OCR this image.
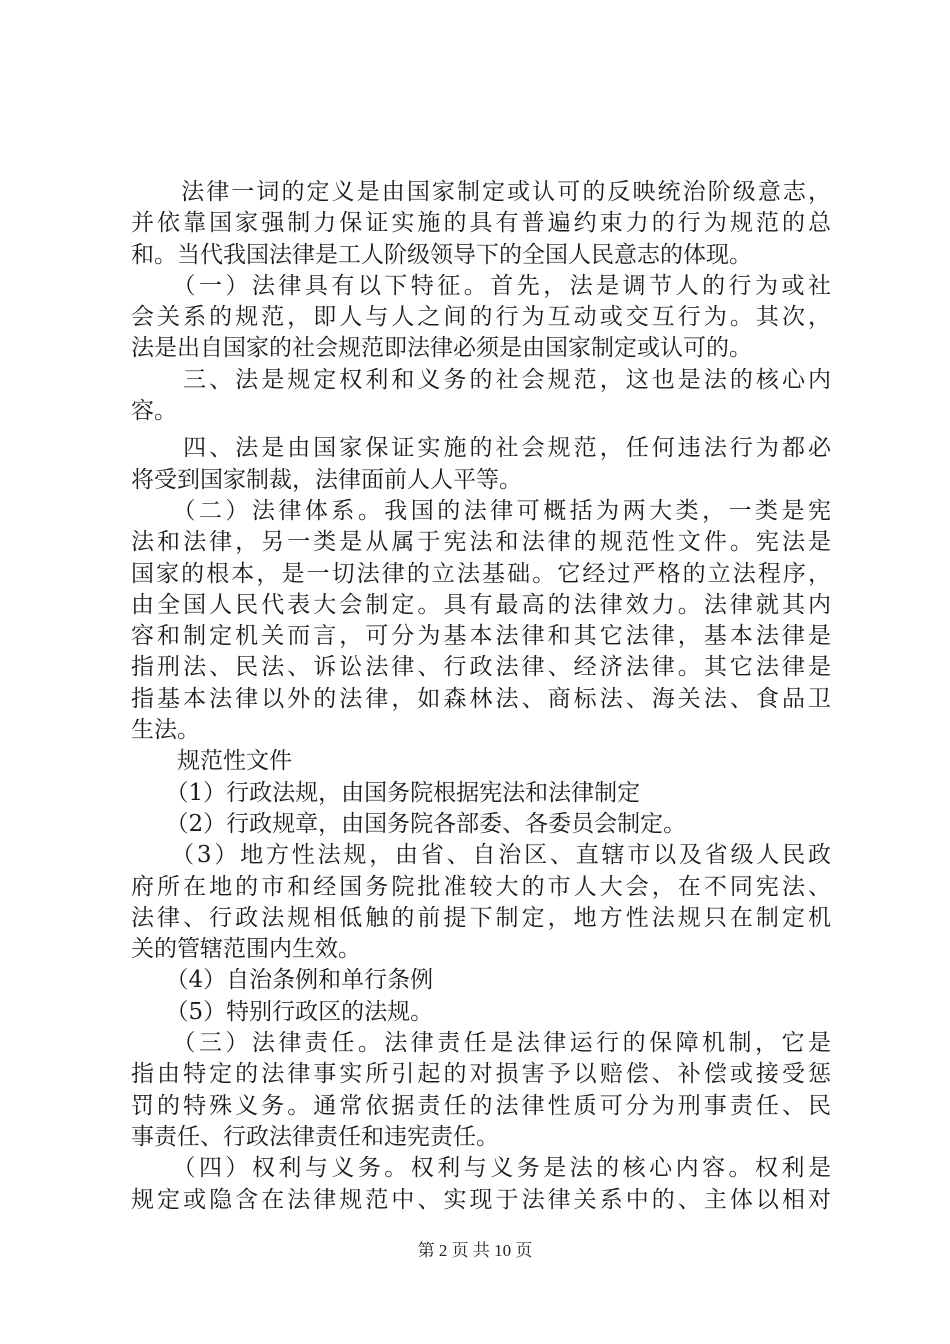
　　法律一词的定义是由国家制定或认可的反映统治阶级意志，
并依靠国家强制力保证实施的具有普遍约束力的行为规范的总
和。当代我国法律是工人阶级领导下的全国人民意志的体现。
　　（一）法律具有以下特征。首先，法是调节人的行为或社
会关系的规范，即人与人之间的行为互动或交互行为。其次，
法是出自国家的社会规范即法律必须是由国家制定或认可的。
　　三、法是规定权利和义务的社会规范，这也是法的核心内
容。
　　四、法是由国家保证实施的社会规范，任何违法行为都必
将受到国家制裁，法律面前人人平等。
　　（二）法律体系。我国的法律可概括为两大类，一类是宪
法和法律，另一类是从属于宪法和法律的规范性文件。宪法是
国家的根本，是一切法律的立法基础。它经过严格的立法程序，
由全国人民代表大会制定。具有最高的法律效力。法律就其内
容和制定机关而言，可分为基本法律和其它法律，基本法律是
指刑法、民法、诉讼法律、行政法律、经济法律。其它法律是
指基本法律以外的法律，如森林法、商标法、海关法、食品卫
生法。
　　规范性文件
　　（1）行政法规，由国务院根据宪法和法律制定
　　（2）行政规章，由国务院各部委、各委员会制定。
　　（3）地方性法规，由省、自治区、直辖市以及省级人民政
府所在地的市和经国务院批准较大的市人大会，在不同宪法、
法律、行政法规相低触的前提下制定，地方性法规只在制定机
关的管辖范围内生效。
　　（4）自治条例和单行条例
　　（5）特别行政区的法规。
　　（三）法律责任。法律责任是法律运行的保障机制，它是
指由特定的法律事实所引起的对损害予以赔偿、补偿或接受惩
罚的特殊义务。通常依据责任的法律性质可分为刑事责任、民
事责任、行政法律责任和违宪责任。
　　（四）权利与义务。权利与义务是法的核心内容。权利是
规定或隐含在法律规范中、实现于法律关系中的、主体以相对
第 2 页 共 10 页
